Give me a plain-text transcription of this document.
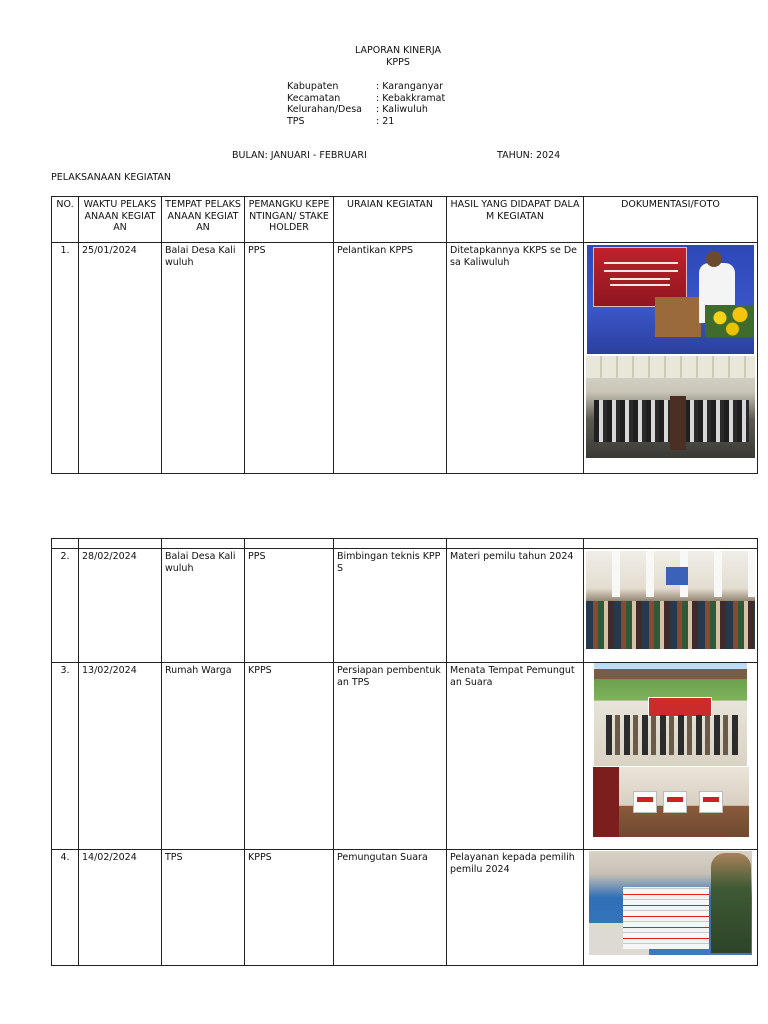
LAPORAN KINERJA
KPPS
Kabupaten	: Karanganyar
Kecamatan	: Kebakkramat
Kelurahan/Desa : Kaliwuluh
TPS	: 21
BULAN: JANUARI - FEBRUARI	TAHUN: 2024
PELAKSANAAN KEGIATAN
NO.	WAKTU PELAKSANAAN KEGIATAN	TEMPAT PELAKSANAAN KEGIATAN	PEMANGKU KEPENTINGAN/ STAKEHOLDER	URAIAN KEGIATAN	HASIL YANG DIDAPAT DALAM KEGIATAN	DOKUMENTASI/FOTO
1.	25/01/2024	Balai Desa Kaliwuluh	PPS	Pelantikan KPPS	Ditetapkannya KKPS se Desa Kaliwuluh	

2.	28/02/2024	Balai Desa Kaliwuluh	PPS	Bimbingan teknis KPPS	Materi pemilu tahun 2024	

3.	13/02/2024	Rumah Warga	KPPS	Persiapan pembentukan TPS	Menata Tempat Pemungutan Suara	

4.	14/02/2024	TPS	KPPS	Pemungutan Suara	Pelayanan kepada pemilih pemilu 2024	
